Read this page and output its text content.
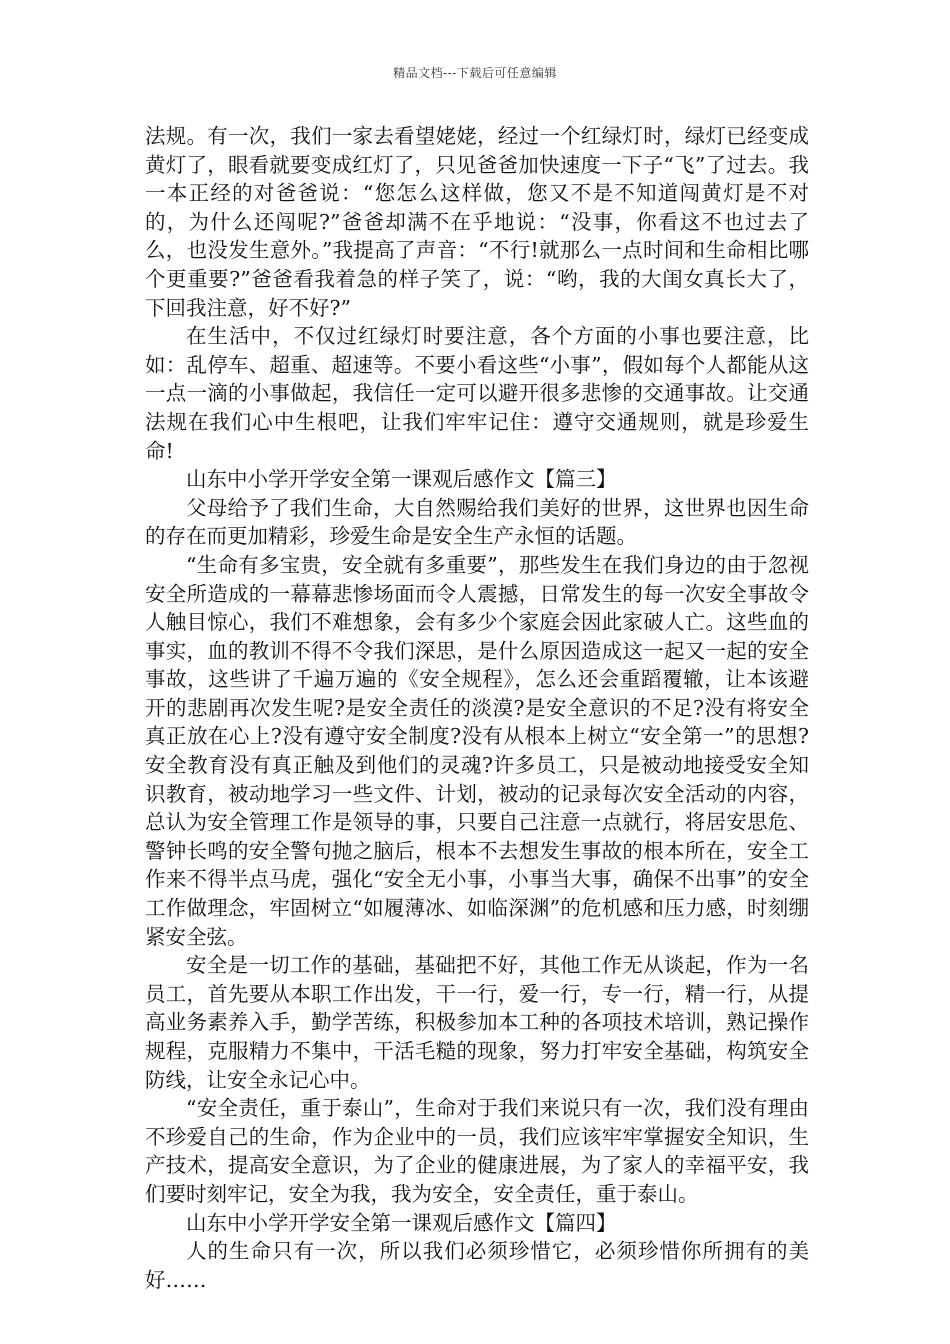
精品文档---下载后可任意编辑

法规。有一次，我们一家去看望姥姥，经过一个红绿灯时，绿灯已经变成黄灯了，眼看就要变成红灯了，只见爸爸加快速度一下子“飞”了过去。我一本正经的对爸爸说：“您怎么这样做，您又不是不知道闯黄灯是不对的，为什么还闯呢?”爸爸却满不在乎地说：“没事，你看这不也过去了么，也没发生意外。”我提高了声音：“不行!就那么一点时间和生命相比哪个更重要?”爸爸看我着急的样子笑了，说：“哟，我的大闺女真长大了，下回我注意，好不好?”

在生活中，不仅过红绿灯时要注意，各个方面的小事也要注意，比如：乱停车、超重、超速等。不要小看这些“小事”，假如每个人都能从这一点一滴的小事做起，我信任一定可以避开很多悲惨的交通事故。让交通法规在我们心中生根吧，让我们牢牢记住：遵守交通规则，就是珍爱生命!

山东中小学开学安全第一课观后感作文【篇三】

父母给予了我们生命，大自然赐给我们美好的世界，这世界也因生命的存在而更加精彩，珍爱生命是安全生产永恒的话题。

“生命有多宝贵，安全就有多重要”，那些发生在我们身边的由于忽视安全所造成的一幕幕悲惨场面而令人震撼，日常发生的每一次安全事故令人触目惊心，我们不难想象，会有多少个家庭会因此家破人亡。这些血的事实，血的教训不得不令我们深思，是什么原因造成这一起又一起的安全事故，这些讲了千遍万遍的《安全规程》，怎么还会重蹈覆辙，让本该避开的悲剧再次发生呢?是安全责任的淡漠?是安全意识的不足?没有将安全真正放在心上?没有遵守安全制度?没有从根本上树立“安全第一”的思想?安全教育没有真正触及到他们的灵魂?许多员工，只是被动地接受安全知识教育，被动地学习一些文件、计划，被动的记录每次安全活动的内容，总认为安全管理工作是领导的事，只要自己注意一点就行，将居安思危、警钟长鸣的安全警句抛之脑后，根本不去想发生事故的根本所在，安全工作来不得半点马虎，强化“安全无小事，小事当大事，确保不出事”的安全工作做理念，牢固树立“如履薄冰、如临深渊”的危机感和压力感，时刻绷紧安全弦。

安全是一切工作的基础，基础把不好，其他工作无从谈起，作为一名员工，首先要从本职工作出发，干一行，爱一行，专一行，精一行，从提高业务素养入手，勤学苦练，积极参加本工种的各项技术培训，熟记操作规程，克服精力不集中，干活毛糙的现象，努力打牢安全基础，构筑安全防线，让安全永记心中。

“安全责任，重于泰山”，生命对于我们来说只有一次，我们没有理由不珍爱自己的生命，作为企业中的一员，我们应该牢牢掌握安全知识，生产技术，提高安全意识，为了企业的健康进展，为了家人的幸福平安，我们要时刻牢记，安全为我，我为安全，安全责任，重于泰山。

山东中小学开学安全第一课观后感作文【篇四】

人的生命只有一次，所以我们必须珍惜它，必须珍惜你所拥有的美好……
